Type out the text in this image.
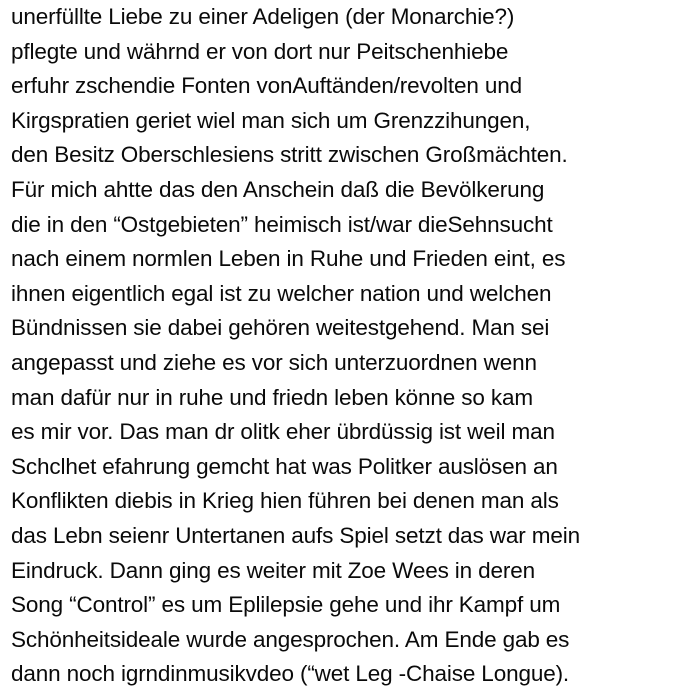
unerfüllte Liebe zu einer Adeligen (der Monarchie?)
pflegte und währnd er von dort nur Peitschenhiebe
erfuhr zschendie Fonten vonAuftänden/revolten und
Kirgspratien geriet wiel man sich um Grenzzihungen,
den Besitz Oberschlesiens stritt zwischen Großmächten.
Für mich ahtte das den Anschein daß die Bevölkerung
die in den “Ostgebieten” heimisch ist/war dieSehnsucht
nach einem normlen Leben in Ruhe und Frieden eint, es
ihnen eigentlich egal ist zu welcher nation und welchen
Bündnissen sie dabei gehören weitestgehend. Man sei
angepasst und ziehe es vor sich unterzuordnen wenn
man dafür nur in ruhe und friedn leben könne so kam
es mir vor. Das man dr olitk eher übrdüssig ist weil man
Schclhet efahrung gemcht hat was Politker auslösen an
Konflikten diebis in Krieg hien führen bei denen man als
das Lebn seienr Untertanen aufs Spiel setzt das war mein
Eindruck. Dann ging es weiter mit Zoe Wees in deren
Song “Control” es um Eplilepsie gehe und ihr Kampf um
Schönheitsideale wurde angesprochen. Am Ende gab es
dann noch igrndinmusikvdeo (“wet Leg -Chaise Longue).
